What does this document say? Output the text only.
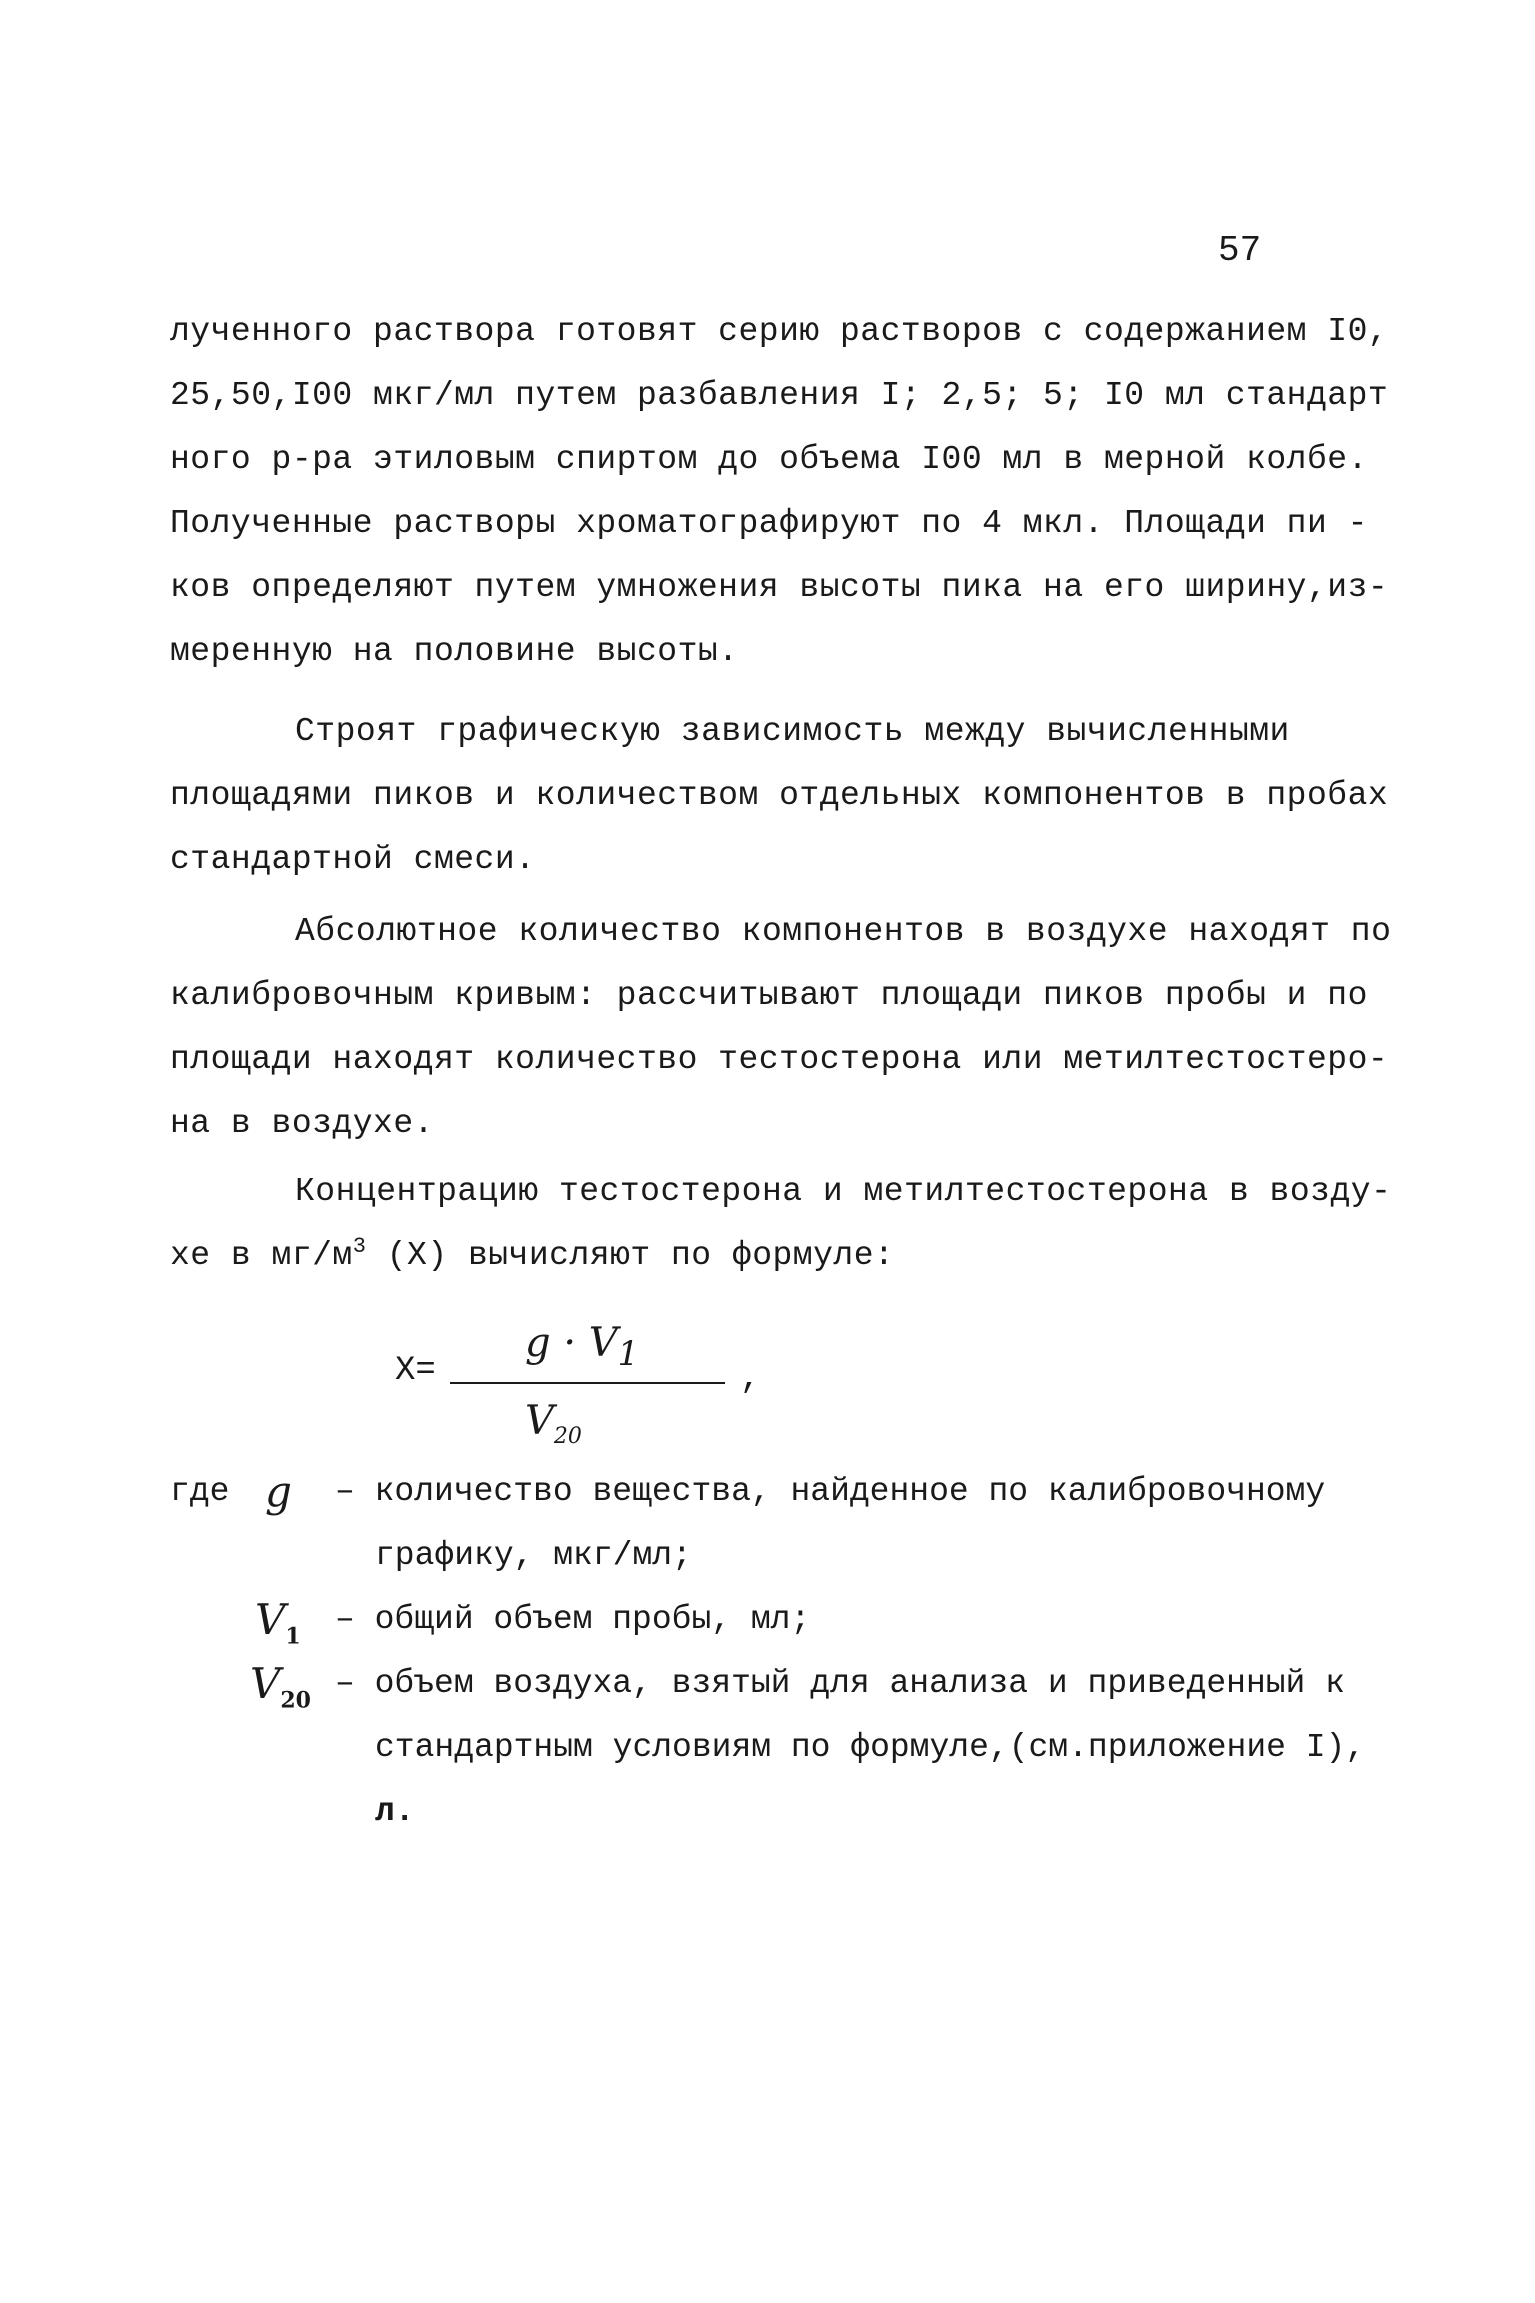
57
лученного раствора готовят серию растворов с содержанием I0,
25,50,I00 мкг/мл путем разбавления I; 2,5; 5; I0 мл стандарт
ного р-ра этиловым спиртом до объема I00 мл в мерной колбе.
Полученные растворы хроматографируют по 4 мкл. Площади пи -
ков определяют путем умножения высоты пика на его ширину,из-
меренную на половине высоты.
Строят графическую зависимость между вычисленными
площадями пиков и количеством отдельных компонентов в пробах
стандартной смеси.
Абсолютное количество компонентов в воздухе находят по
калибровочным кривым: рассчитывают площади пиков пробы и по
площади находят количество тестостерона или метилтестостеро-
на в воздухе.
Концентрацию тестостерона и метилтестостерона в возду-
хе в $мг/м^3$ (Х) вычисляют по формуле:
Х=
$g \cdot V_1$
$V_{20}$
,
где g – количество вещества, найденное по калибровочному
графику, мкг/мл;
$V_1$ – общий объем пробы, мл;
$V_{20}$ – объем воздуха, взятый для анализа и приведенный к
стандартным условиям по формуле,(см.приложение I),
л.
